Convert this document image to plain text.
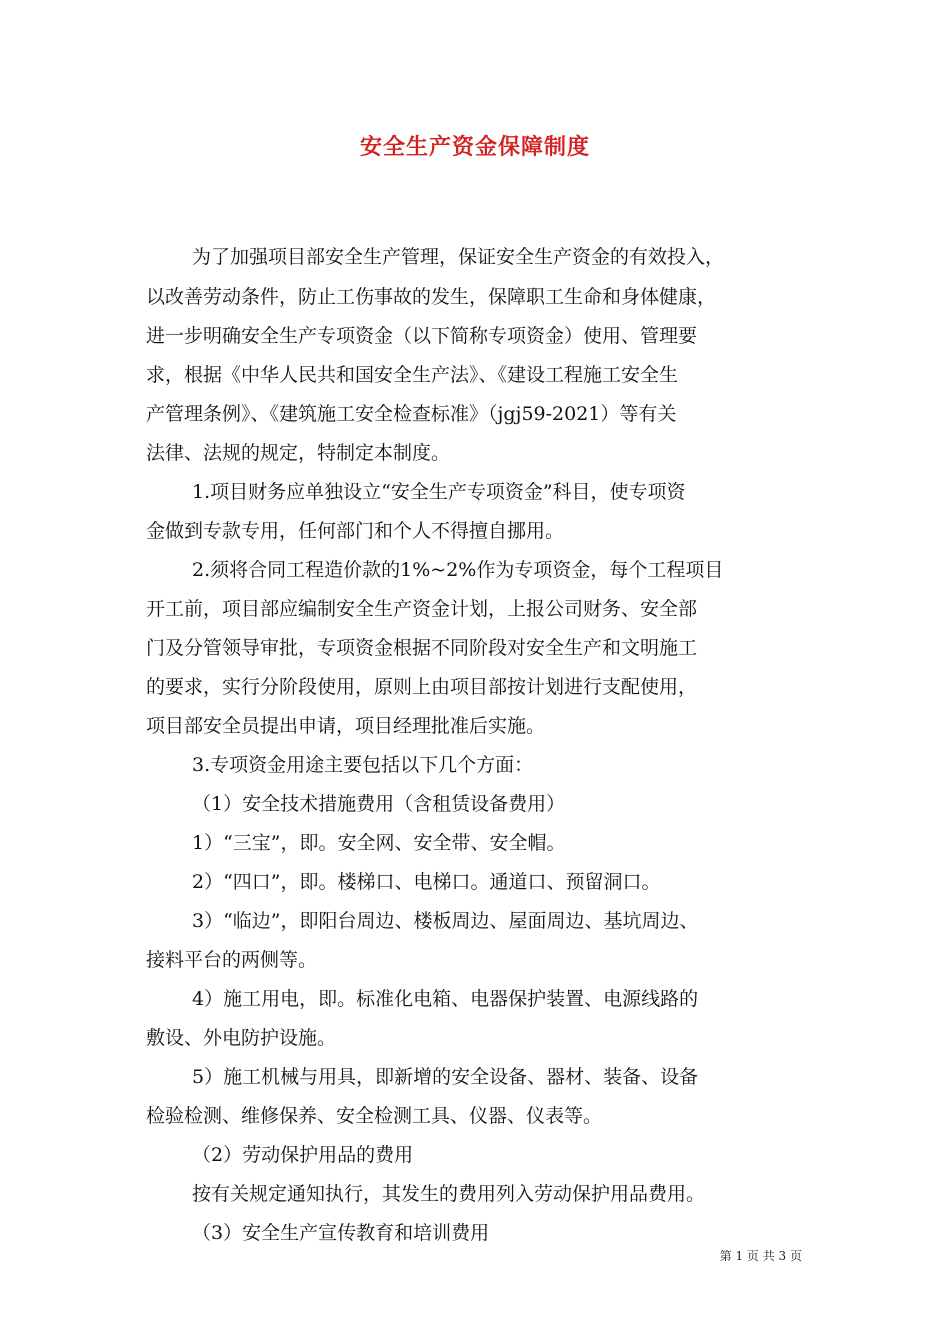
安全生产资金保障制度
为了加强项目部安全生产管理，保证安全生产资金的有效投入，
以改善劳动条件，防止工伤事故的发生，保障职工生命和身体健康，
进一步明确安全生产专项资金（以下简称专项资金）使用、管理要
求，根据《中华人民共和国安全生产法》、《建设工程施工安全生
产管理条例》、《建筑施工安全检查标准》（jgj59-2021）等有关
法律、法规的规定，特制定本制度。
1.项目财务应单独设立“安全生产专项资金”科目，使专项资
金做到专款专用，任何部门和个人不得擅自挪用。
2.须将合同工程造价款的1%~2%作为专项资金，每个工程项目
开工前，项目部应编制安全生产资金计划，上报公司财务、安全部
门及分管领导审批，专项资金根据不同阶段对安全生产和文明施工
的要求，实行分阶段使用，原则上由项目部按计划进行支配使用，
项目部安全员提出申请，项目经理批准后实施。
3.专项资金用途主要包括以下几个方面：
（1）安全技术措施费用（含租赁设备费用）
1）“三宝”，即。安全网、安全带、安全帽。
2）“四口”，即。楼梯口、电梯口。通道口、预留洞口。
3）“临边”，即阳台周边、楼板周边、屋面周边、基坑周边、
接料平台的两侧等。
4）施工用电，即。标准化电箱、电器保护装置、电源线路的
敷设、外电防护设施。
5）施工机械与用具，即新增的安全设备、器材、装备、设备
检验检测、维修保养、安全检测工具、仪器、仪表等。
（2）劳动保护用品的费用
按有关规定通知执行，其发生的费用列入劳动保护用品费用。
（3）安全生产宣传教育和培训费用
第 1 页 共 3 页
